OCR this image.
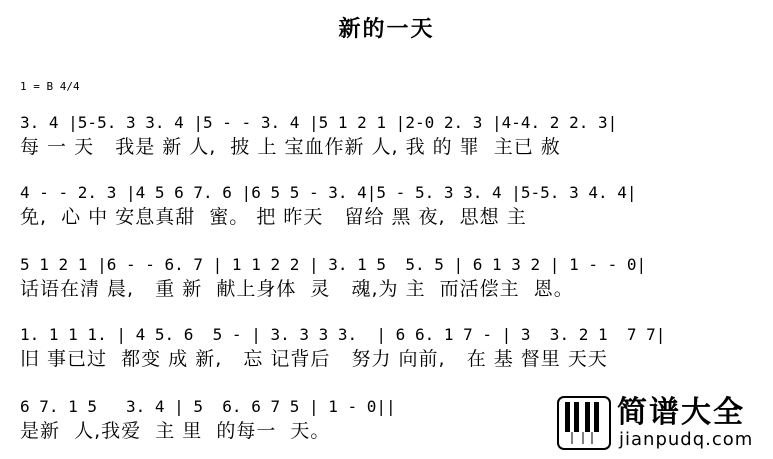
新的一天
1 = B 4/4
3. 4 |5-5. 3 3. 4 |5 - - 3. 4 |5 1 2 1 |2-0 2. 3 |4-4. 2 2. 3|
每 一 天   我是 新 人,  披 上 宝血作新 人, 我 的 罪  主已 赦
4 - - 2. 3 |4 5 6 7. 6 |6 5 5 - 3. 4|5 - 5. 3 3. 4 |5-5. 3 4. 4|
免,  心 中 安息真甜  蜜。 把 昨天   留给 黑 夜,  思想 主
5 1 2 1 |6 - - 6. 7 | 1 1 2 2 | 3. 1 5  5. 5 | 6 1 3 2 | 1 - - 0|
话语在清 晨,   重 新  献上身体  灵   魂,为 主  而活偿主  恩。
1. 1 1 1. | 4 5. 6  5 - | 3. 3 3 3.  | 6 6. 1 7 - | 3  3. 2 1  7 7|
旧 事已过  都变 成 新,   忘 记背后   努力 向前,   在 基 督里 天天
6 7. 1 5   3. 4 | 5  6. 6 7 5 | 1 - 0||
是新  人,我爱  主 里  的每一  天。
简谱大全
jianpudq.com
